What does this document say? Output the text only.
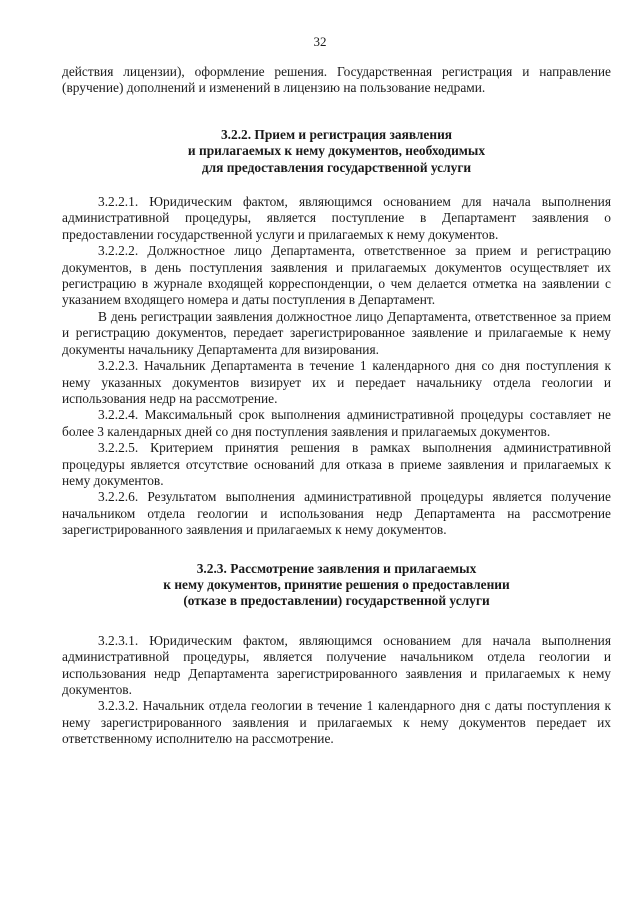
32

действия лицензии), оформление решения. Государственная регистрация и направление (вручение) дополнений и изменений в лицензию на пользование недрами.

3.2.2. Прием и регистрация заявления
и прилагаемых к нему документов, необходимых
для предоставления государственной услуги

3.2.2.1. Юридическим фактом, являющимся основанием для начала выполнения административной процедуры, является поступление в Департамент заявления о предоставлении государственной услуги и прилагаемых к нему документов.

3.2.2.2. Должностное лицо Департамента, ответственное за прием и регистрацию документов, в день поступления заявления и прилагаемых документов осуществляет их регистрацию в журнале входящей корреспонденции, о чем делается отметка на заявлении с указанием входящего номера и даты поступления в Департамент.

В день регистрации заявления должностное лицо Департамента, ответственное за прием и регистрацию документов, передает зарегистрированное заявление и прилагаемые к нему документы начальнику Департамента для визирования.

3.2.2.3. Начальник Департамента в течение 1 календарного дня со дня поступления к нему указанных документов визирует их и передает начальнику отдела геологии и использования недр на рассмотрение.

3.2.2.4. Максимальный срок выполнения административной процедуры составляет не более 3 календарных дней со дня поступления заявления и прилагаемых документов.

3.2.2.5. Критерием принятия решения в рамках выполнения административной процедуры является отсутствие оснований для отказа в приеме заявления и прилагаемых к нему документов.

3.2.2.6. Результатом выполнения административной процедуры является получение начальником отдела геологии и использования недр Департамента на рассмотрение зарегистрированного заявления и прилагаемых к нему документов.

3.2.3. Рассмотрение заявления и прилагаемых
к нему документов, принятие решения о предоставлении
(отказе в предоставлении) государственной услуги

3.2.3.1. Юридическим фактом, являющимся основанием для начала выполнения административной процедуры, является получение начальником отдела геологии и использования недр Департамента зарегистрированного заявления и прилагаемых к нему документов.

3.2.3.2. Начальник отдела геологии в течение 1 календарного дня с даты поступления к нему зарегистрированного заявления и прилагаемых к нему документов передает их ответственному исполнителю на рассмотрение.
